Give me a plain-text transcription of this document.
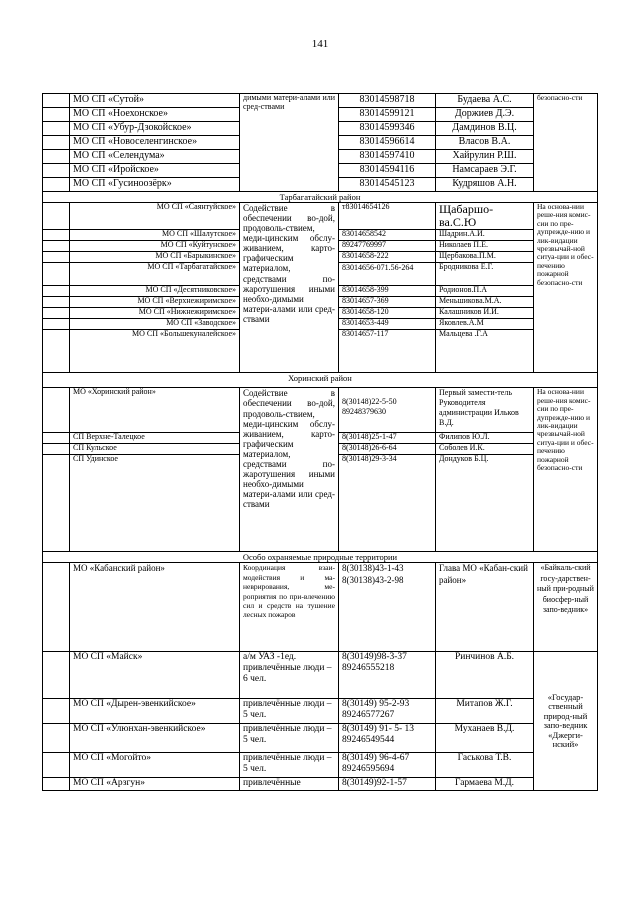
141
	МО СП «Сутой»	димыми матери-алами или сред-ствами	83014598718	Будаева А.С.	безопасно-сти
	МО СП «Ноехонское»		83014599121	Доржиев Д.Э.	
	МО СП «Убур-Дзокойское»		83014599346	Дамдинов В.Ц.	
	МО СП «Новоселенгинское»		83014596614	Власов В.А.	
	МО СП «Селендума»		83014597410	Хайрулин Р.Ш.	
	МО СП «Иройское»		83014594116	Намсараев Э.Г.	
	МО СП «Гусиноозёрк»		83014545123	Кудряшов А.Н.	
Тарбагатайский район					
	МО СП «Саянтуйское»	Содействие в обеспечении во-дой, продоволь-ствием, меди-цинским обслу-живанием, карто-графическим материалом, средствами по-жаротушения иными необхо-димыми матери-алами или сред-ствами	т83014654126	Щабаршо-ва.С.Ю	На основа-нии реше-ния комис-сии по пре-дупрежде-нию и лик-видации чрезвычай-ной ситуа-ции и обес-печению пожарной безопасно-сти
	МО СП «Шалутское»		83014658542	Шадрин.А.И.	
	МО СП «Куйтунское»		89247769997	Николаев П.Е.	
	МО СП «Барыкинское»		83014658-222	Щербакова.П.М.	
	МО СП «Тарбагатайское»		83014656-071.56-264	Бродникова Е.Г.	
	МО СП «Десятниковское»		83014658-399	Родионов.П.А	
	МО СП «Верхнежиримское»		83014657-369	Меньшикова.М.А.	
	МО СП «Нижнежиримское»		83014658-120	Калашников И.И.	
	МО СП «Заводское»		83014653-449	Яковлев.А.М	
	МО СП «Большекуналейское»		83014657-117	Мальцева .Г.А	
Хоринский район					
	МО «Хоринский район»	Содействие в обеспечении во-дой, продоволь-ствием, меди-цинским обслу-живанием, карто-графическим материалом, средствами по-жаротушения иными необхо-димыми матери-алами или сред-ствами	8(30148)22-5-50 89248379630	Первый замести-тель Руководителя администрации Ильков В.Д.	На основа-нии реше-ния комис-сии по пре-дупрежде-нию и лик-видации чрезвычай-ной ситуа-ции и обес-печению пожарной безопасно-сти
	СП Верхне-Талецкое		8(30148)25-1-47	Филипов Ю.Л.	
	СП Кульское		8(30148)26-6-64	Соболев И.К.	
	СП Удинское		8(30148)29-3-34	Дондуков Б.Ц.	
Особо охраняемые природные территории					
	МО «Кабанский район»	Координация взаи-модействия и ма-неврирования, ме-роприятия по при-влечению сил и средств на тушение лесных пожаров	8(30138)43-1-43 8(30138)43-2-98	Глава МО «Кабан-ский район»	«Байкаль-ский госу-дарствен-ный при-родный биосфер-ный запо-ведник»
	МО СП «Майск»	а/м УАЗ -1ед. привлечённые люди – 6 чел.	8(30149)98-3-37 89246555218	Ринчинов А.Б.	«Государ-ственный природ-ный запо-ведник «Джерги-нский»
	МО СП «Дырен-эвенкийское»	привлечённые люди – 5 чел.	8(30149) 95-2-93 89246577267	Митапов Ж.Г.	
	МО СП «Улюнхан-эвенкийское»	привлечённые люди – 5 чел.	8(30149) 91- 5- 13 89246549544	Муханаев В.Д.	
	МО СП «Могойто»	привлечённые люди – 5 чел.	8(30149) 96-4-67 89246595694	Гаськова Т.В.	
	МО СП «Арзгун»	привлечённые	8(30149)92-1-57	Гармаева М.Д.	
